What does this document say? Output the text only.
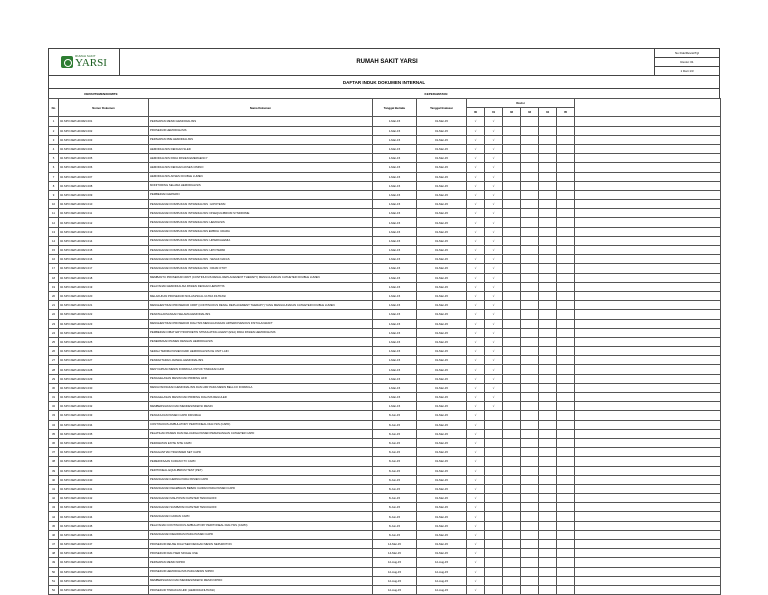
RUMAH SAKIT
YARSI	RUMAH SAKIT YARSI
No Dok/Revisi/Tgl
Revisi: 01
1 Dari 1/3
DAFTAR INDUK DOKUMEN INTERNAL
DEPARTEMEN/KOMITE	KEPERAWATAN
No	Nomor Dokumen	Nama Dokumen	Tanggal Berlaku	Tanggal Evaluasi	Revisi						
					00	01	02	03	04	05	
1	02.SPO.KEP.HD.REV.001	PERSIAPAN MESIN HEMODIALISIS	1-Mar-15	01-Mar-15	√	√					
2	02.SPO.KEP.HD.REV.002	PROSEDUR HEMODIALISIS	1-Mar-15	01-Mar-15	√	√					
3	02.SPO.KEP.HD.REV.003	PERSIAPAN PRE HEMODIALISIS	1-Mar-15	01-Mar-15	√	√					
4	02.SPO.KEP.HD.REV.004	HEMODIALISIS DENGAN SLED	1-Mar-15	01-Mar-15	√	√					
5	02.SPO.KEP.HD.REV.005	HEMODIALISIS PADA PASIEN EMERGENCY	1-Mar-15	01-Mar-15	√	√					
6	02.SPO.KEP.HD.REV.006	HEMODIALISIS DENGAN AKSES CIMINO	1-Mar-15	01-Mar-15	√	√					
7	02.SPO.KEP.HD.REV.007	HEMODIALISIS AKSES DOUBLE LUMEN	1-Mar-15	01-Mar-15	√	√					
8	02.SPO.KEP.HD.REV.008	MONITORING SELAMA HEMODIALISIS	1-Mar-15	01-Mar-15	√	√					
9	02.SPO.KEP.HD.REV.009	PEMBERIAN HEPARIN	1-Mar-15	01-Mar-15	√	√					
10	02.SPO.KEP.HD.REV.010	PENANGANAN KOMPLIKASI INTRADIALISIS : HIPOTENSI	1-Mar-15	01-Mar-15	√	√					
11	02.SPO.KEP.HD.REV.011	PENANGANAN KOMPLIKASI INTRADIALISIS: DISEQUILIBRIUM SYNDROME	1-Mar-15	01-Mar-15	√	√					
12	02.SPO.KEP.HD.REV.012	PENANGANAN KOMPLIKASI INTRADIALISIS: HEMOLISIS	1-Mar-15	01-Mar-15	√	√					
13	02.SPO.KEP.HD.REV.013	PENANGANAN KOMPLIKASI INTRADIALISIS EMBOLI UDARA	1-Mar-15	01-Mar-15	√	√					
14	02.SPO.KEP.HD.REV.014	PENANGANAN KOMPLIKASI INTRADIALISIS: HIPERKALEMIA	1-Mar-15	01-Mar-15	√	√					
15	02.SPO.KEP.HD.REV.015	PENANGANAN KOMPLIKASI INTRADIALISIS: HIPOTERMI	1-Mar-15	01-Mar-15	√	√					
16	02.SPO.KEP.HD.REV.016	PENANGANAN KOMPLIKASI INTRADIALISIS : SESAK NAFAS	1-Mar-15	01-Mar-15	√	√					
17	02.SPO.KEP.HD.REV.017	PENANGANAN KOMPLIKASI INTRADIALISIS : KRAM OTOT	1-Mar-15	01-Mar-15	√	√					
18	02.SPO.KEP.HD.REV.018	MEMBANTU PROSEDUR CRRT (CONTINUOUS RENAL REPLACEMENT THERAPY) MENGGUNAKAN CATHETER DOUBLE LUMEN	1-Mar-15	01-Mar-15	√	√					
19	02.SPO.KEP.HD.REV.019	PELAYANAN HEMODIALISA PASIEN DENGAN HEPATITIS	1-Mar-15	01-Mar-15	√	√					
20	02.SPO.KEP.HD.REV.020	MELAKUKAN PROSEDUR ISOLASI/SUAL ULTRA FILTRASI	1-Mar-15	01-Mar-15	√	√					
21	02.SPO.KEP.HD.REV.021	MENGHENTIKAN PROSEDUR CRRT (CONTINUOUS RENAL REPLACEMENT THERAPY) YANG MENGGUNAKAN CATHETER DOUBLE LUMEN	1-Mar-15	01-Mar-15	√	√					
22	02.SPO.KEP.HD.REV.022	PENATALAKSANAAN SELAMA HEMODIALISIS	1-Mar-15	01-Mar-15	√	√					
23	02.SPO.KEP.HD.REV.023	MENGHENTIKAN PROSEDUR DIALYSIS MENGGUNAKAN ARTERIOVENOUS FISTULA/GRAFT	1-Mar-15	01-Mar-15	√	√					
24	02.SPO.KEP.HD.REV.024	PEMBERIAN OBAT ERYTROPOIETIN STIMULATING AGENT (ESA) PADA PASIEN HEMODIALISIS	1-Mar-15	01-Mar-15	√	√					
25	02.SPO.KEP.HD.REV.025	PENERIMAAN PASIEN DENGAN HEMODIALISIS	1-Mar-15	01-Mar-15	√	√					
26	02.SPO.KEP.HD.REV.026	SERAH TERIMA PASIEN DARI HEMODIALISIS KE UNIT LAIN	1-Mar-15	01-Mar-15	√	√					
27	02.SPO.KEP.HD.REV.027	PENDAFTARAN JADWAL HEMODIALISIS	1-Mar-15	01-Mar-15	√	√					
28	02.SPO.KEP.HD.REV.028	MENYIAPKAN MESIN FORMULA UNTUK TINDAKAN HFR	1-Mar-15	01-Mar-15	√	√					
29	02.SPO.KEP.HD.REV.029	PENGGELASAN MESIN DAN PRIMING HFR	1-Mar-15	01-Mar-15	√	√					
30	02.SPO.KEP.HD.REV.030	MENGOSONGKAN HEMODIALISIS DAN HFR PADA MESIN BELLCO FORMULA	1-Mar-15	01-Mar-15	√	√					
31	02.SPO.KEP.HD.REV.031	PENGGELASAN MESIN DAN PRIMING DIALISIS REGULER	1-Mar-15	01-Mar-15	√	√					
32	02.SPO.KEP.HD.REV.032	MEMBERSIHKAN DAN MENDESINFEKSI MESIN	1-Mar-15	01-Mar-15	√	√					
33	02.SPO.KEP.HD.REV.033	PENGKAJIAN PASIEN CAPD DIRUMAH	8-Jun-15	01-Mar-15	√						
34	02.SPO.KEP.HD.REV.034	CONTINUOUS AMBULATORY PERITONEAL DIALYSIS (CAPD)	8-Jun-15	01-Mar-15	√						
35	02.SPO.KEP.HD.REV.035	PELATIHAN PASIEN DAN KELUARGA PASIEN PEMASANGAN CATHETER CAPD	8-Jun-15	01-Mar-15	√						
36	02.SPO.KEP.HD.REV.036	PERAWATAN EXITE SITE CAPD	8-Jun-15	01-Mar-15	√						
37	02.SPO.KEP.HD.REV.037	PENGGANTIAN TRANSFER SET CAPD	8-Jun-15	01-Mar-15	√						
38	02.SPO.KEP.HD.REV.038	PEMERIKSAAN KURAN KTV CAPD	8-Jun-15	01-Mar-15	√						
39	02.SPO.KEP.HD.REV.039	PERITONEAL EQUILIBRIUM TEST (PET)	8-Jun-15	01-Mar-15	√						
40	02.SPO.KEP.HD.REV.040	PENANGANAN HERNIA PADA PASIEN CAPD	8-Jun-15	01-Mar-15	√						
41	02.SPO.KEP.HD.REV.041	PENANGANAN KELEBIHAN BEBAN CAIRAN PADA PASIEN CAPD	8-Jun-15	01-Mar-15	√						
42	02.SPO.KEP.HD.REV.042	PENANGANAN MALPOSISI KATETER TENCKHOFF	8-Jun-15	01-Mar-15	√						
43	02.SPO.KEP.HD.REV.043	PENANGANAN SUMBATAN KATETER TENCKHOFF	8-Jun-15	01-Mar-15	√						
44	02.SPO.KEP.HD.REV.044	PENANGANAN CAIRAN CAPD	8-Jun-15	01-Mar-15	√						
45	02.SPO.KEP.HD.REV.045	PELAYANAN CONTINUOUS AMBULATORY PERITONEAL DIALYSIS (CAPD)	8-Jun-15	01-Mar-15	√						
46	02.SPO.KEP.HD.REV.046	PENANGANAN DEHIDRASI PADA PASIEN CAPD	8-Jun-15	01-Mar-15	√						
47	02.SPO.KEP.HD.REV.047	PROSEDUR REUSE DIALYSER DENGAN MESIN NEPHROTON	14-Mar-15	01-Mar-15	√						
48	02.SPO.KEP.HD.REV.048	PROSEDUR DIALYSER SINGLE USE	14-Mar-15	01-Mar-15	√						
49	02.SPO.KEP.HD.REV.049	PERSIAPAN MESIN NIPRO	12-Aug-15	12-Aug-15	√						
50	02.SPO.KEP.HD.REV.050	PROSEDUR HEMODIALISIS PADA MESIN NIPRO	12-Aug-15	12-Aug-15	√						
51	02.SPO.KEP.HD.REV.051	MEMBERSIHKAN DAN MENDESINFEKSI MESIN NIPRO	12-Aug-15	12-Aug-15	√						
52	02.SPO.KEP.HD.REV.052	PROSEDUR TINDAKAN HDF (HEMODIAFILTRASI)	12-Aug-15	12-Aug-15	√						
